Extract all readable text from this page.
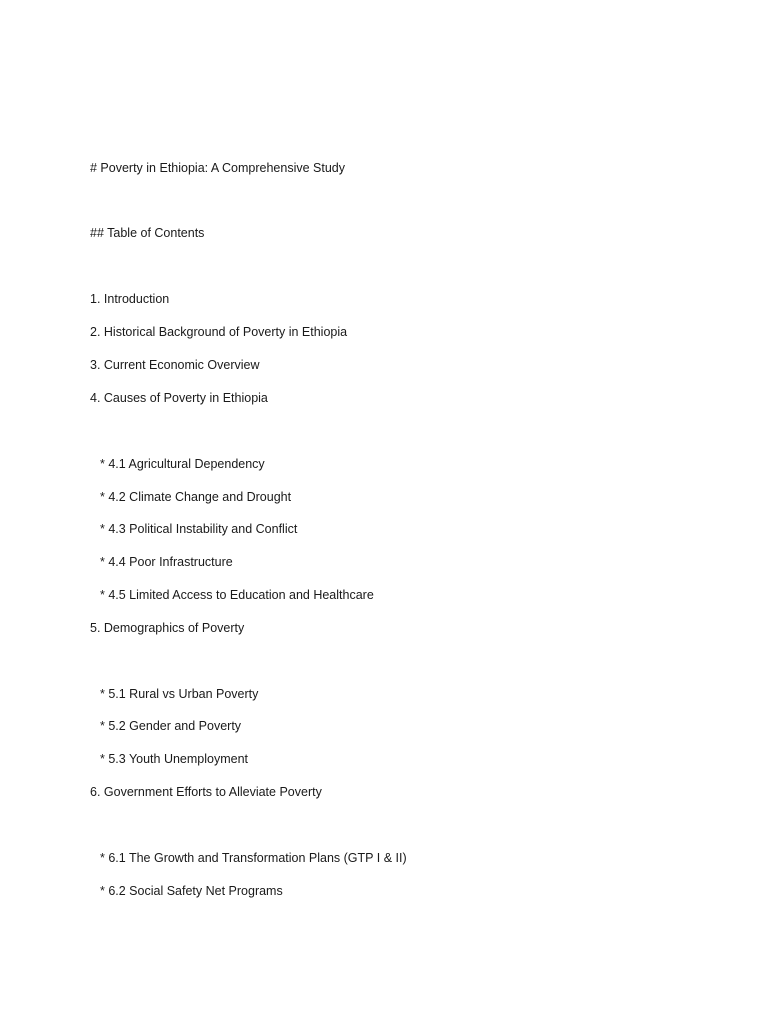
# Poverty in Ethiopia: A Comprehensive Study
## Table of Contents
1. Introduction
2. Historical Background of Poverty in Ethiopia
3. Current Economic Overview
4. Causes of Poverty in Ethiopia
* 4.1 Agricultural Dependency
* 4.2 Climate Change and Drought
* 4.3 Political Instability and Conflict
* 4.4 Poor Infrastructure
* 4.5 Limited Access to Education and Healthcare
5. Demographics of Poverty
* 5.1 Rural vs Urban Poverty
* 5.2 Gender and Poverty
* 5.3 Youth Unemployment
6. Government Efforts to Alleviate Poverty
* 6.1 The Growth and Transformation Plans (GTP I & II)
* 6.2 Social Safety Net Programs
